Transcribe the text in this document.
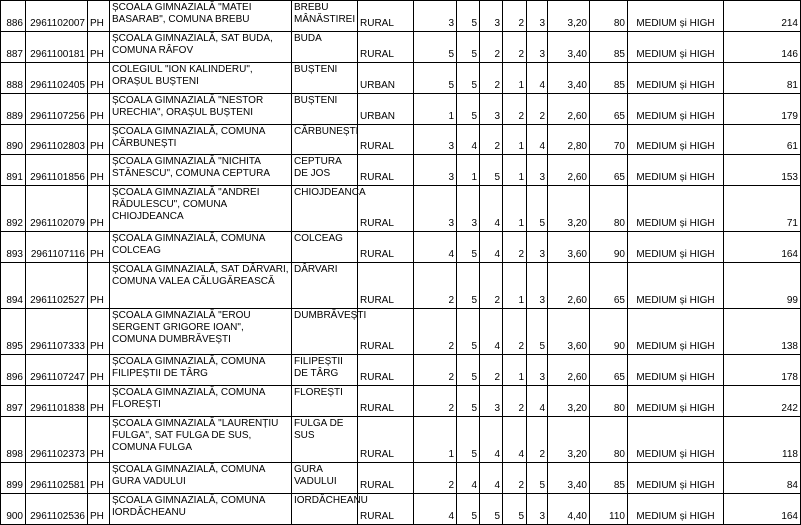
886	2961102007	PH	ȘCOALA GIMNAZIALĂ "MATEI BASARAB", COMUNA BREBU	BREBU MÂNĂSTIREI	RURAL	3	5	3	2	3	3,20	80	MEDIUM și HIGH	214
887	2961100181	PH	ȘCOALA GIMNAZIALĂ, SAT BUDA, COMUNA RÂFOV	BUDA	RURAL	5	5	2	2	3	3,40	85	MEDIUM și HIGH	146
888	2961102405	PH	COLEGIUL "ION KALINDERU", ORAȘUL BUȘTENI	BUȘTENI	URBAN	5	5	2	1	4	3,40	85	MEDIUM și HIGH	81
889	2961107256	PH	ȘCOALA GIMNAZIALĂ "NESTOR URECHIA", ORAȘUL BUȘTENI	BUȘTENI	URBAN	1	5	3	2	2	2,60	65	MEDIUM și HIGH	179
890	2961102803	PH	ȘCOALA GIMNAZIALĂ, COMUNA CĂRBUNEȘTI	CĂRBUNEȘTI	RURAL	3	4	2	1	4	2,80	70	MEDIUM și HIGH	61
891	2961101856	PH	ȘCOALA GIMNAZIALĂ "NICHITA STĂNESCU", COMUNA CEPTURA	CEPTURA DE JOS	RURAL	3	1	5	1	3	2,60	65	MEDIUM și HIGH	153
892	2961102079	PH	ȘCOALA GIMNAZIALĂ "ANDREI RĂDULESCU", COMUNA CHIOJDEANCA	CHIOJDEANCA	RURAL	3	3	4	1	5	3,20	80	MEDIUM și HIGH	71
893	2961107116	PH	ȘCOALA GIMNAZIALĂ, COMUNA COLCEAG	COLCEAG	RURAL	4	5	4	2	3	3,60	90	MEDIUM și HIGH	164
894	2961102527	PH	ȘCOALA GIMNAZIALĂ, SAT DÂRVARI, COMUNA VALEA CĂLUGĂREASCĂ	DÂRVARI	RURAL	2	5	2	1	3	2,60	65	MEDIUM și HIGH	99
895	2961107333	PH	ȘCOALA GIMNAZIALĂ "EROU SERGENT GRIGORE IOAN", COMUNA DUMBRĂVEȘTI	DUMBRĂVEȘTI	RURAL	2	5	4	2	5	3,60	90	MEDIUM și HIGH	138
896	2961107247	PH	ȘCOALA GIMNAZIALĂ, COMUNA FILIPEȘTII DE TÂRG	FILIPEȘTII DE TÂRG	RURAL	2	5	2	1	3	2,60	65	MEDIUM și HIGH	178
897	2961101838	PH	ȘCOALA GIMNAZIALĂ, COMUNA FLOREȘTI	FLOREȘTI	RURAL	2	5	3	2	4	3,20	80	MEDIUM și HIGH	242
898	2961102373	PH	ȘCOALA GIMNAZIALĂ "LAURENȚIU FULGA", SAT FULGA DE SUS, COMUNA FULGA	FULGA DE SUS	RURAL	1	5	4	4	2	3,20	80	MEDIUM și HIGH	118
899	2961102581	PH	ȘCOALA GIMNAZIALĂ, COMUNA GURA VADULUI	GURA VADULUI	RURAL	2	4	4	2	5	3,40	85	MEDIUM și HIGH	84
900	2961102536	PH	ȘCOALA GIMNAZIALĂ, COMUNA IORDĂCHEANU	IORDĂCHEANU	RURAL	4	5	5	5	3	4,40	110	MEDIUM și HIGH	164
